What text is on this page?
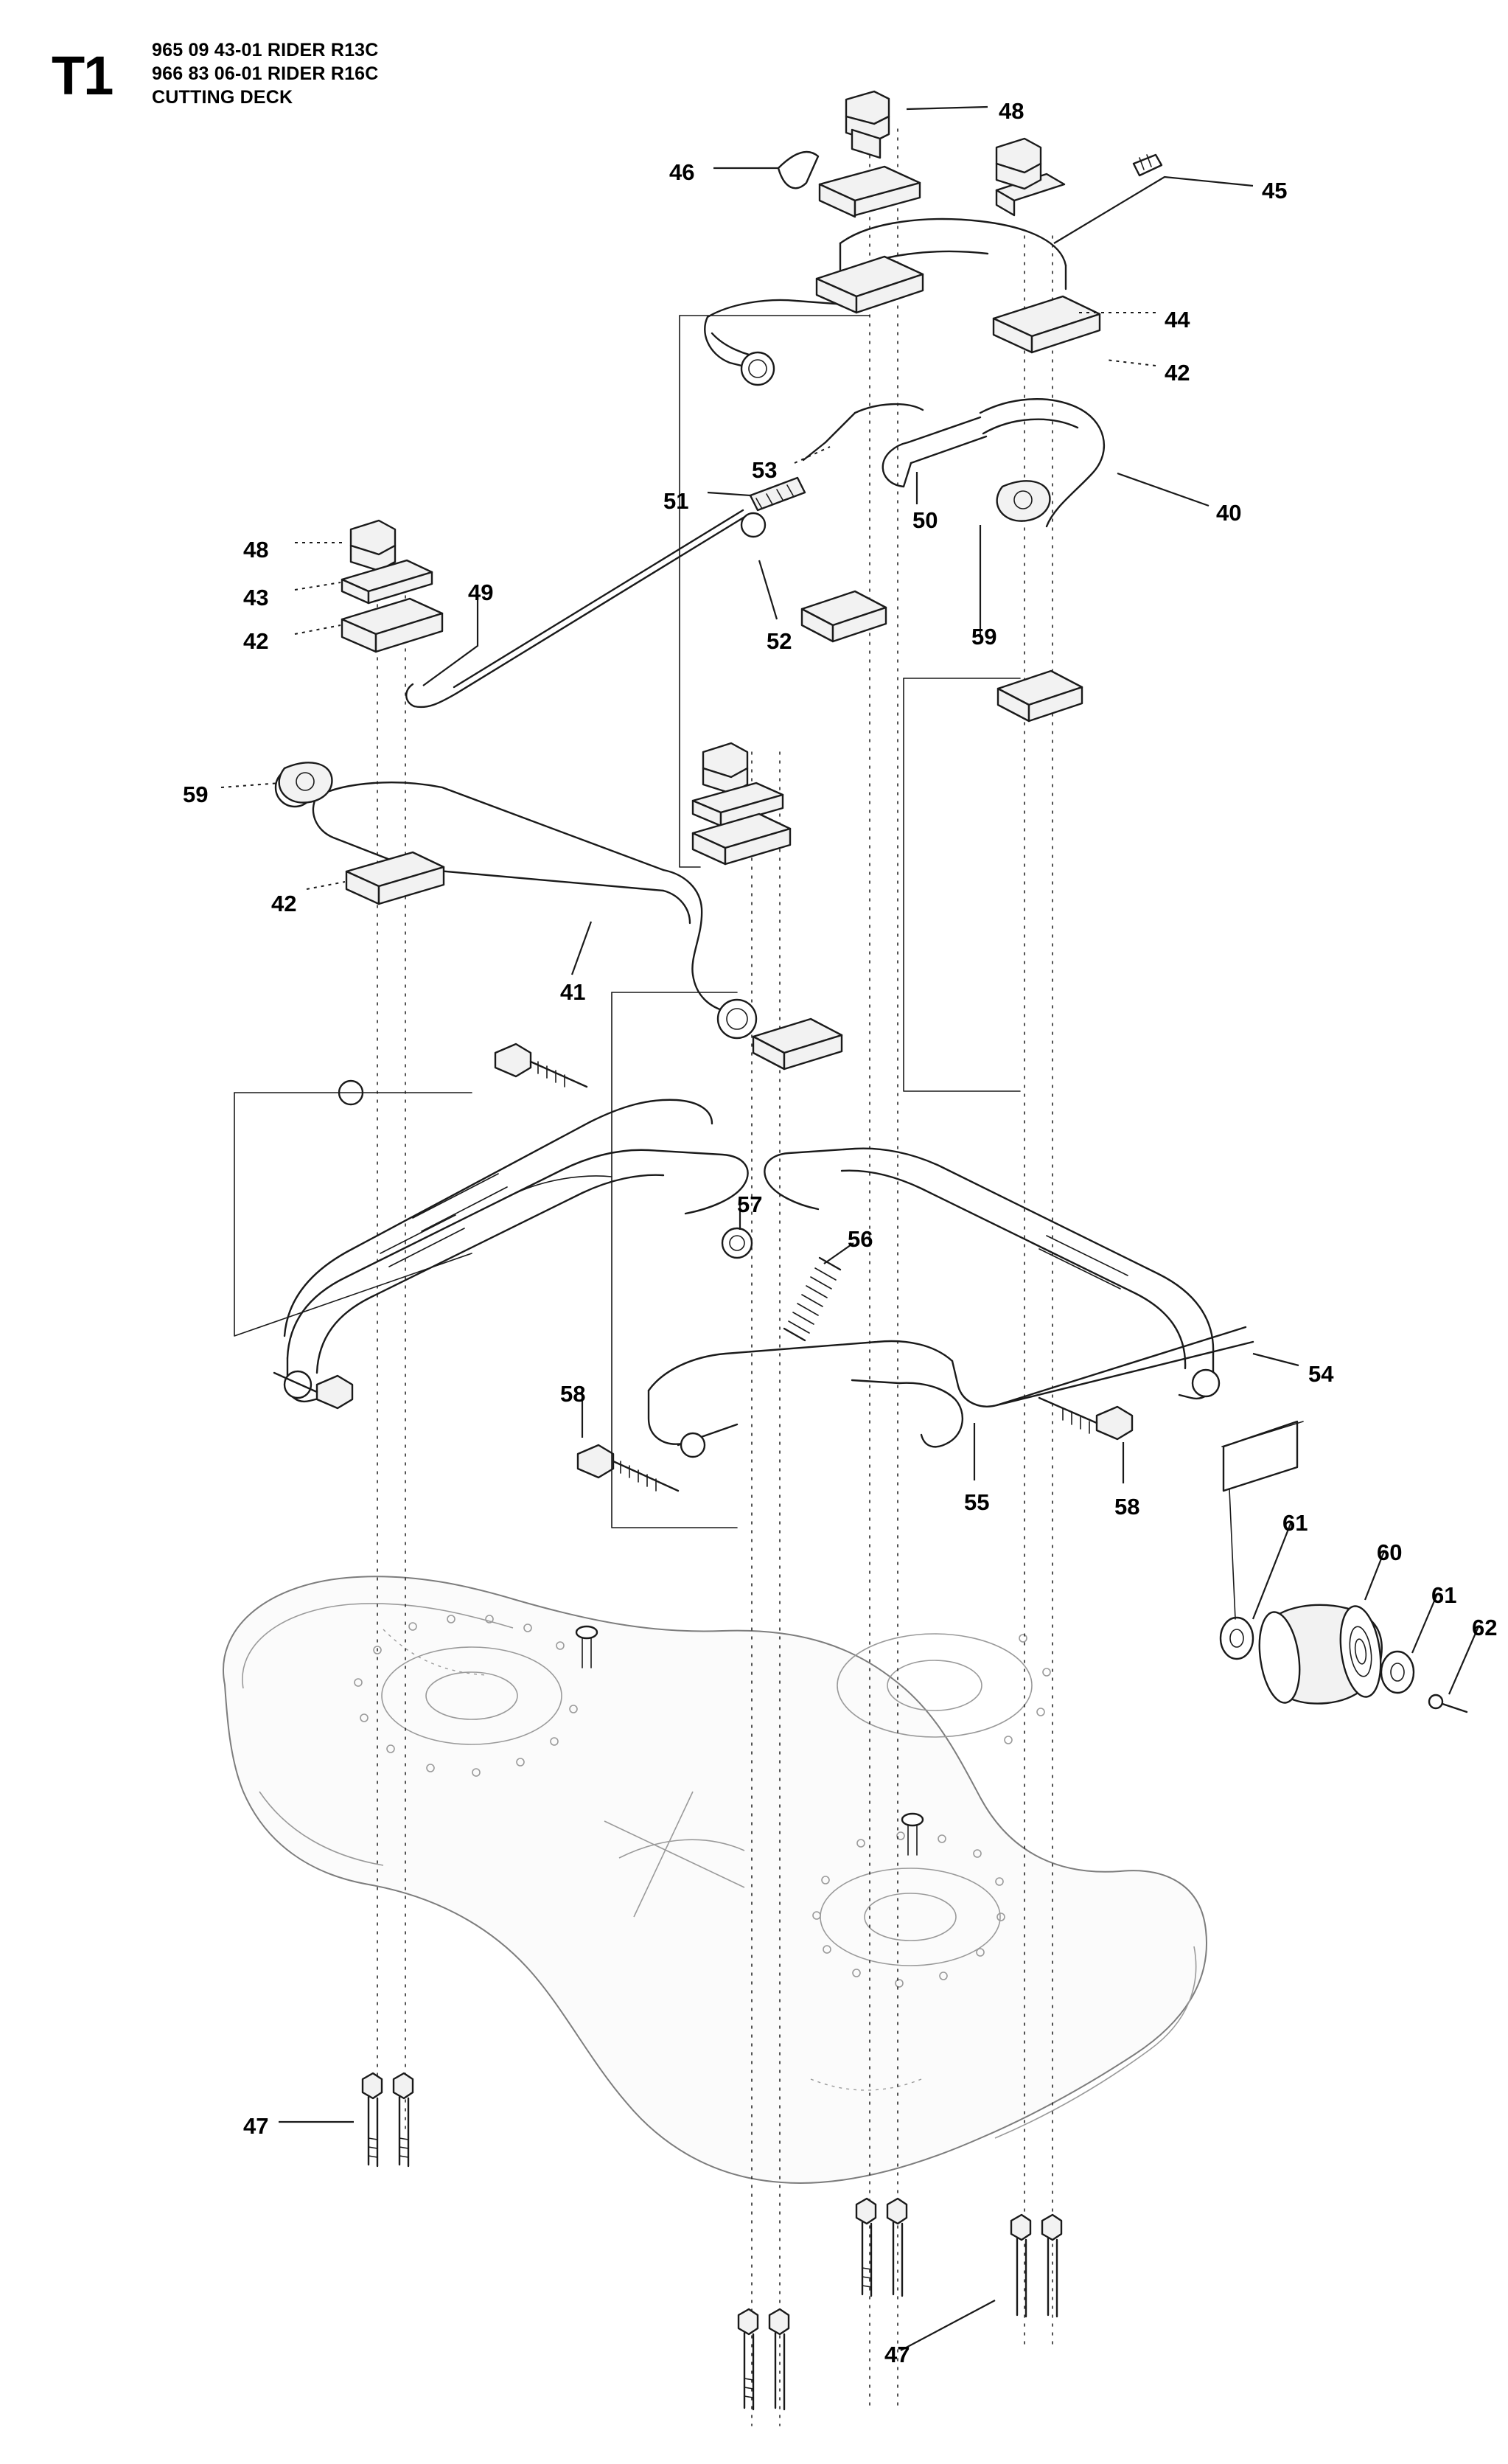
T1 965 09 43-01 RIDER R13C
966 83 06-01 RIDER R16C
CUTTING DECK
48
46
45
44
42
53
51
50	40
48
43
42
49
52	59
59
42
41
57
56
54
58
55	58
61
60
61
62
47
47
